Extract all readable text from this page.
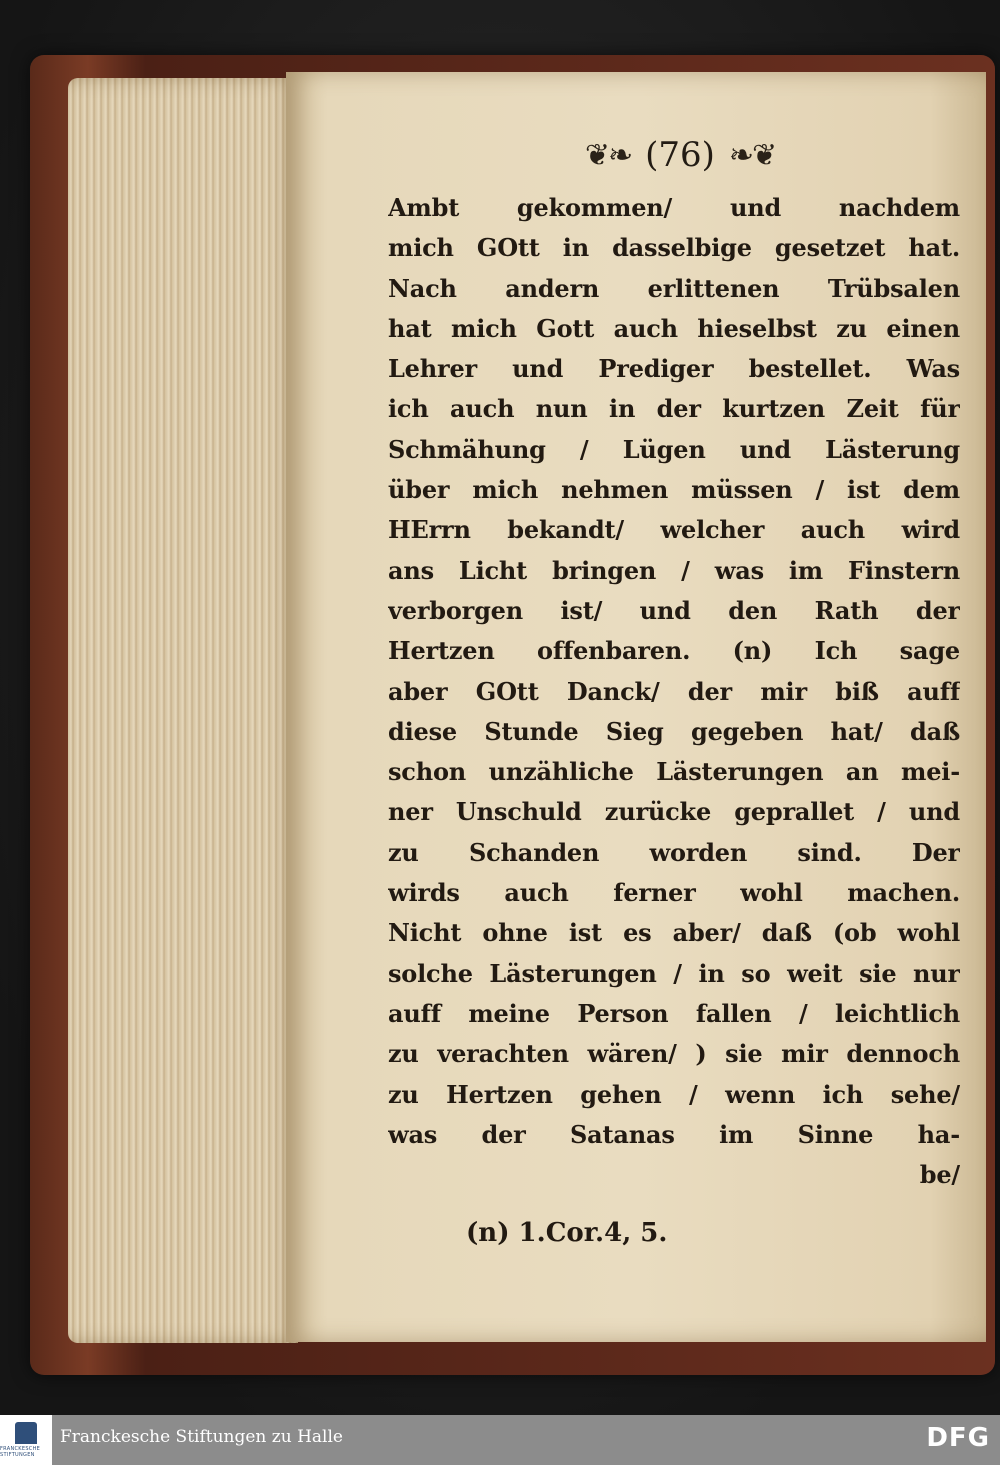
❦❧ (76) ❧❦
Ambt gekommen/ und nachdem
mich GOtt in dasselbige gesetzet hat.
Nach andern erlittenen Trübsalen
hat mich Gott auch hieselbst zu einen
Lehrer und Prediger bestellet. Was
ich auch nun in der kurtzen Zeit für
Schmähung / Lügen und Lästerung
über mich nehmen müssen / ist dem
HErrn bekandt/ welcher auch wird
ans Licht bringen / was im Finstern
verborgen ist/ und den Rath der
Hertzen offenbaren. (n) Ich sage
aber GOtt Danck/ der mir biß auff
diese Stunde Sieg gegeben hat/ daß
schon unzähliche Lästerungen an mei-
ner Unschuld zurücke geprallet / und
zu Schanden worden sind. Der
wirds auch ferner wohl machen.
Nicht ohne ist es aber/ daß (ob wohl
solche Lästerungen / in so weit sie nur
auff meine Person fallen / leichtlich
zu verachten wären/ ) sie mir dennoch
zu Hertzen gehen / wenn ich sehe/
was der Satanas im Sinne ha-
be/
(n) 1.Cor.4, 5.
FRANCKESCHE STIFTUNGEN
Franckesche Stiftungen zu Halle	DFG
